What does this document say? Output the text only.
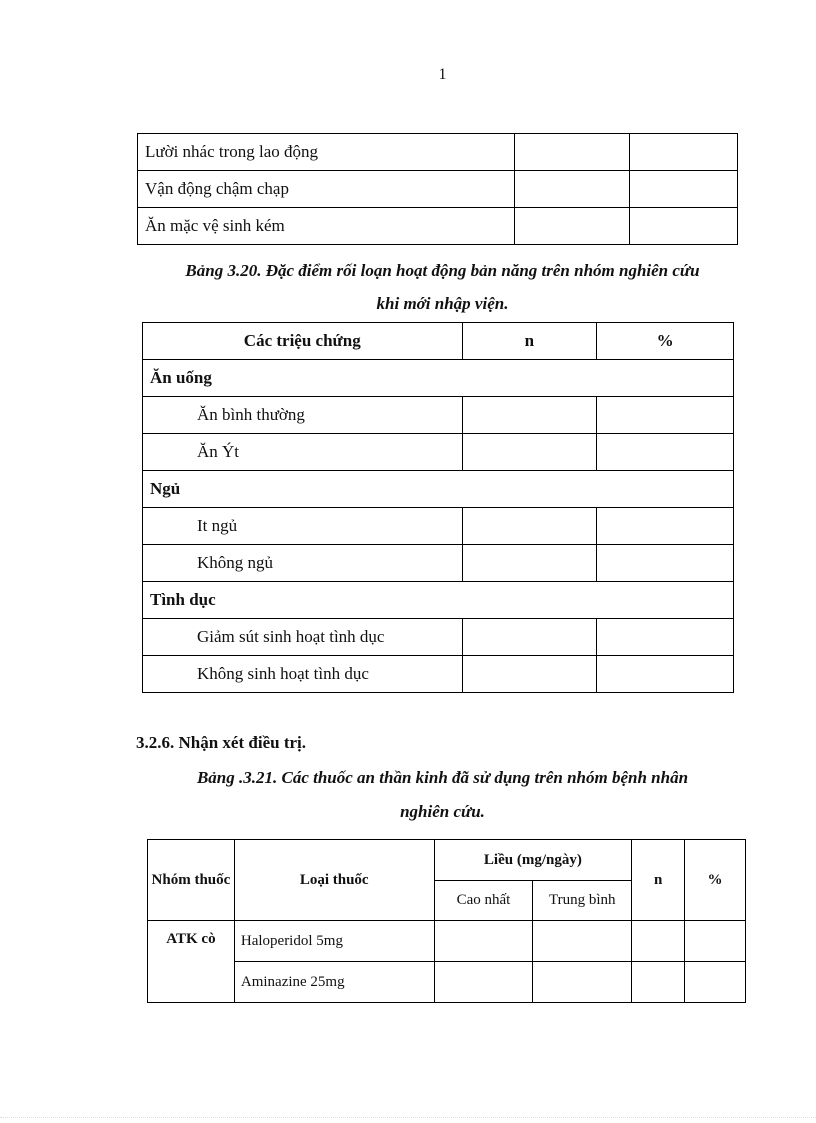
1
Lười nhác trong lao động		
Vận động chậm chạp		
Ăn mặc vệ sinh kém		
Bảng 3.20. Đặc điểm rối loạn hoạt động bản năng trên nhóm nghiên cứu
khi mới nhập viện.
Các triệu chứng	n	%
Ăn uống		
Ăn bình thường		
Ăn Ýt		
Ngủ		
It ngủ		
Không ngủ		
Tình dục		
Giảm sút sinh hoạt tình dục		
Không sinh hoạt tình dục		
3.2.6. Nhận xét điều trị.
Bảng .3.21. Các thuốc an thần kinh đã sử dụng trên nhóm bệnh nhân
nghiên cứu.
Nhóm thuốc	Loại thuốc	Liều (mg/ngày)		n	%
		Cao nhất	Trung bình		
ATK cò	Haloperidol 5mg				
	Aminazine 25mg				
